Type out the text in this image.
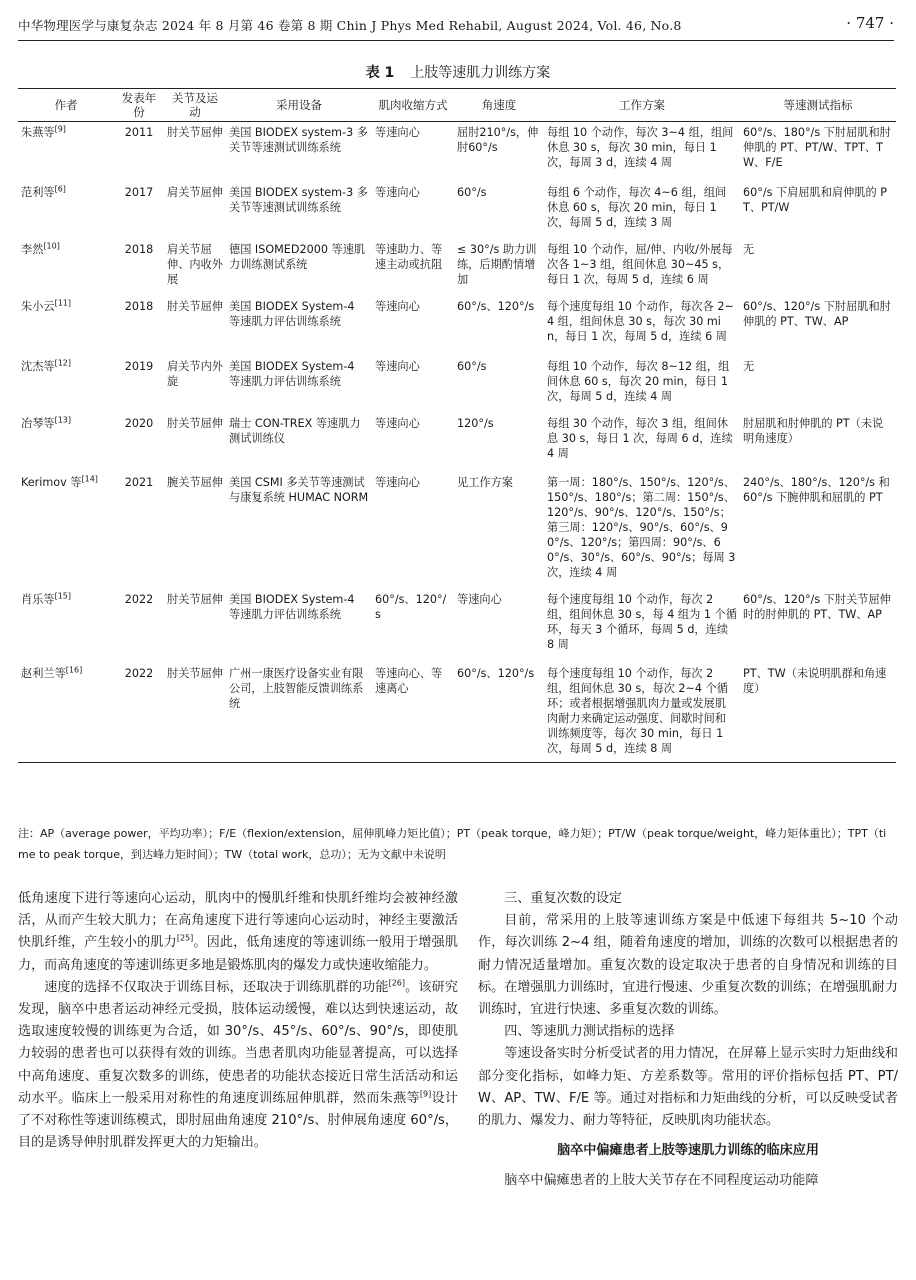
中华物理医学与康复杂志 2024 年 8 月第 46 卷第 8 期 Chin J Phys Med Rehabil, August 2024, Vol. 46, No.8	· 747 ·
表 1 上肢等速肌力训练方案
作者	发表年份	关节及运动	采用设备	肌肉收缩方式	角速度	工作方案	等速测试指标
朱燕等[9]	2011	肘关节屈伸	美国 BIODEX system-3 多关节等速测试训练系统	等速向心	屈肘210°/s，伸肘60°/s	每组 10 个动作，每次 3~4 组，组间休息 30 s，每次 30 min，每日 1 次，每周 3 d，连续 4 周	60°/s、180°/s 下肘屈肌和肘伸肌的 PT、PT/W、TPT、TW、F/E
范利等[6]	2017	肩关节屈伸	美国 BIODEX system-3 多关节等速测试训练系统	等速向心	60°/s	每组 6 个动作，每次 4~6 组，组间休息 60 s，每次 20 min，每日 1 次，每周 5 d，连续 3 周	60°/s 下肩屈肌和肩伸肌的 PT、PT/W
李然[10]	2018	肩关节屈伸、内收外展	德国 ISOMED2000 等速肌力训练测试系统	等速助力、等速主动或抗阻	≤ 30°/s 助力训练，后期酌情增加	每组 10 个动作，屈/伸、内收/外展每次各 1~3 组，组间休息 30~45 s，每日 1 次，每周 5 d，连续 6 周	无
朱小云[11]	2018	肘关节屈伸	美国 BIODEX System-4 等速肌力评估训练系统	等速向心	60°/s、120°/s	每个速度每组 10 个动作，每次各 2~4 组，组间休息 30 s，每次 30 min，每日 1 次，每周 5 d，连续 6 周	60°/s、120°/s 下肘屈肌和肘伸肌的 PT、TW、AP
沈杰等[12]	2019	肩关节内外旋	美国 BIODEX System-4 等速肌力评估训练系统	等速向心	60°/s	每组 10 个动作，每次 8~12 组，组间休息 60 s，每次 20 min，每日 1 次，每周 5 d，连续 4 周	无
冶琴等[13]	2020	肘关节屈伸	瑞士 CON-TREX 等速肌力测试训练仪	等速向心	120°/s	每组 30 个动作，每次 3 组，组间休息 30 s，每日 1 次，每周 6 d，连续 4 周	肘屈肌和肘伸肌的 PT（未说明角速度）
Kerimov 等[14]	2021	腕关节屈伸	美国 CSMI 多关节等速测试与康复系统 HUMAC NORM	等速向心	见工作方案	第一周：180°/s、150°/s、120°/s、150°/s、180°/s；第二周：150°/s、120°/s、90°/s、120°/s、150°/s；第三周：120°/s、90°/s、60°/s、90°/s、120°/s；第四周：90°/s、60°/s、30°/s、60°/s、90°/s；每周 3 次，连续 4 周	240°/s、180°/s、120°/s 和 60°/s 下腕伸肌和屈肌的 PT
肖乐等[15]	2022	肘关节屈伸	美国 BIODEX System-4 等速肌力评估训练系统	60°/s、120°/s	等速向心	每个速度每组 10 个动作，每次 2 组，组间休息 30 s，每 4 组为 1 个循环，每天 3 个循环，每周 5 d，连续 8 周	60°/s、120°/s 下肘关节屈伸时的肘伸肌的 PT、TW、AP
赵利兰等[16]	2022	肘关节屈伸	广州一康医疗设备实业有限公司，上肢智能反馈训练系统	等速向心、等速离心	60°/s、120°/s	每个速度每组 10 个动作，每次 2 组，组间休息 30 s，每次 2~4 个循环；或者根据增强肌肉力量或发展肌肉耐力来确定运动强度、间歇时间和训练频度等，每次 30 min，每日 1 次，每周 5 d，连续 8 周	PT、TW（未说明肌群和角速度）
注：AP（average power，平均功率）；F/E（flexion/extension，屈伸肌峰力矩比值）；PT（peak torque，峰力矩）；PT/W（peak torque/weight，峰力矩体重比）；TPT（time to peak torque，到达峰力矩时间）；TW（total work，总功）；无为文献中未说明

低角速度下进行等速向心运动，肌肉中的慢肌纤维和快肌纤维均会被神经激活，从而产生较大肌力；在高角速度下进行等速向心运动时，神经主要激活快肌纤维，产生较小的肌力[25]。因此，低角速度的等速训练一般用于增强肌力，而高角速度的等速训练更多地是锻炼肌肉的爆发力或快速收缩能力。

速度的选择不仅取决于训练目标，还取决于训练肌群的功能[26]。该研究发现，脑卒中患者运动神经元受损，肢体运动缓慢，难以达到快速运动，故选取速度较慢的训练更为合适，如 30°/s、45°/s、60°/s、90°/s，即使肌力较弱的患者也可以获得有效的训练。当患者肌肉功能显著提高，可以选择中高角速度、重复次数多的训练，使患者的功能状态接近日常生活活动和运动水平。临床上一般采用对称性的角速度训练屈伸肌群，然而朱燕等[9]设计了不对称性等速训练模式，即肘屈曲角速度 210°/s、肘伸展角速度 60°/s，目的是诱导伸肘肌群发挥更大的力矩输出。

三、重复次数的设定

目前，常采用的上肢等速训练方案是中低速下每组共 5~10 个动作，每次训练 2~4 组，随着角速度的增加，训练的次数可以根据患者的耐力情况适量增加。重复次数的设定取决于患者的自身情况和训练的目标。在增强肌力训练时，宜进行慢速、少重复次数的训练；在增强肌耐力训练时，宜进行快速、多重复次数的训练。

四、等速肌力测试指标的选择

等速设备实时分析受试者的用力情况，在屏幕上显示实时力矩曲线和部分变化指标，如峰力矩、方差系数等。常用的评价指标包括 PT、PT/W、AP、TW、F/E 等。通过对指标和力矩曲线的分析，可以反映受试者的肌力、爆发力、耐力等特征，反映肌肉功能状态。

脑卒中偏瘫患者上肢等速肌力训练的临床应用

脑卒中偏瘫患者的上肢大关节存在不同程度运动功能障
